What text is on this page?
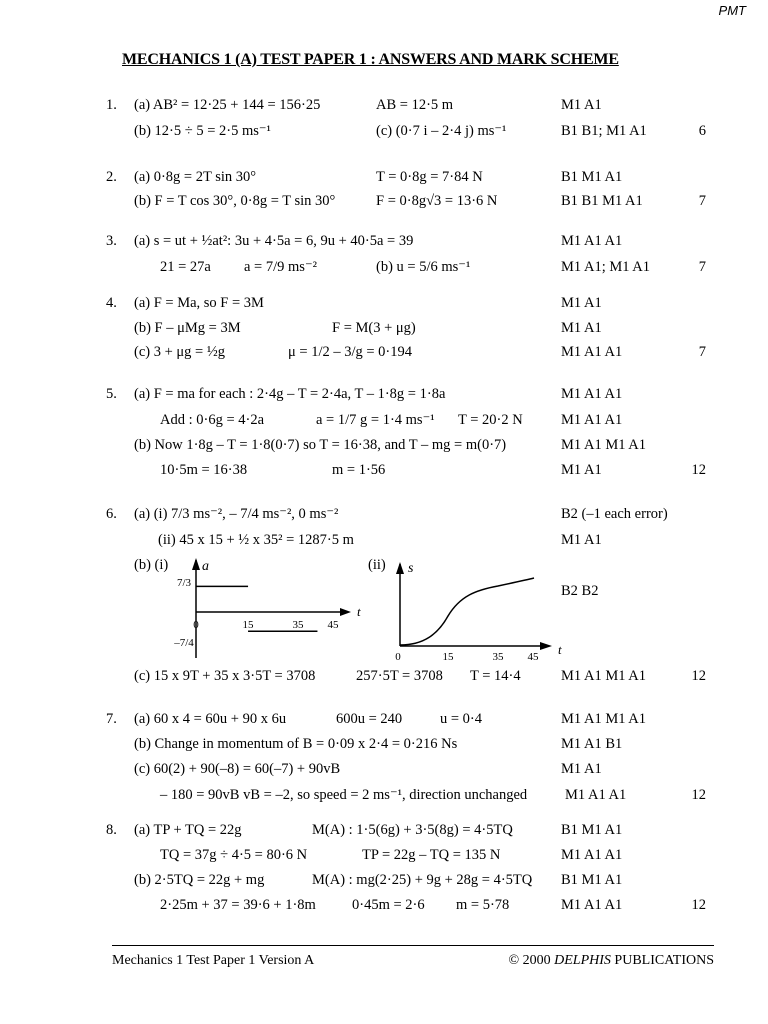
PMT
MECHANICS 1 (A) TEST PAPER 1 : ANSWERS AND MARK SCHEME
1. (a) AB² = 12·25 + 144 = 156·25	AB = 12·5 m	M1 A1
(b) 12·5 ÷ 5 = 2·5 ms⁻¹	(c) (0·7 i – 2·4 j) ms⁻¹	B1 B1; M1 A1	6
2. (a) 0·8g = 2T sin 30°	T = 0·8g = 7·84 N	B1 M1 A1
(b) F = T cos 30°, 0·8g = T sin 30°	F = 0·8g√3 = 13·6 N	B1 B1 M1 A1	7
3. (a) s = ut + ½at²: 3u + 4·5a = 6, 9u + 40·5a = 39	M1 A1 A1
21 = 27a a = 7/9 ms⁻²	(b) u = 5/6 ms⁻¹	M1 A1; M1 A1	7
4. (a) F = Ma, so F = 3M	M1 A1
(b) F – μMg = 3M	F = M(3 + μg)	M1 A1
(c) 3 + μg = ½g	μ = 1/2 – 3/g = 0·194	M1 A1 A1	7
5. (a) F = ma for each : 2·4g – T = 2·4a, T – 1·8g = 1·8a	M1 A1 A1
Add : 0·6g = 4·2a	a = 1/7 g = 1·4 ms⁻¹ T = 20·2 N	M1 A1 A1
(b) Now 1·8g – T = 1·8(0·7) so T = 16·38, and T – mg = m(0·7)	M1 A1 M1 A1
10·5m = 16·38	m = 1·56	M1 A1	12
6. (a) (i) 7/3 ms⁻², – 7/4 ms⁻², 0 ms⁻²	B2 (–1 each error)
(ii) 45 x 15 + ½ x 35² = 1287·5 m	M1 A1
(b) (i)	(ii)
B2 B2
a
t
7/3
–7/4
0	15	35 45
s
t
0	15	35 45
(c) 15 x 9T + 35 x 3·5T = 3708	257·5T = 3708 T = 14·4	M1 A1 M1 A1	12
7. (a) 60 x 4 = 60u + 90 x 6u	600u = 240	u = 0·4	M1 A1 M1 A1
(b) Change in momentum of B = 0·09 x 2·4 = 0·216 Ns	M1 A1 B1
(c) 60(2) + 90(–8) = 60(–7) + 90vB	M1 A1
– 180 = 90vB vB = –2, so speed = 2 ms⁻¹, direction unchanged	M1 A1 A1	12
8. (a) TP + TQ = 22g	M(A) : 1·5(6g) + 3·5(8g) = 4·5TQ	B1 M1 A1
TQ = 37g ÷ 4·5 = 80·6 N	TP = 22g – TQ = 135 N	M1 A1 A1
(b) 2·5TQ = 22g + mg	M(A) : mg(2·25) + 9g + 28g = 4·5TQ B1 M1 A1
2·25m + 37 = 39·6 + 1·8m 0·45m = 2·6 m = 5·78	M1 A1 A1	12
Mechanics 1 Test Paper 1 Version A	© 2000 DELPHIS PUBLICATIONS
